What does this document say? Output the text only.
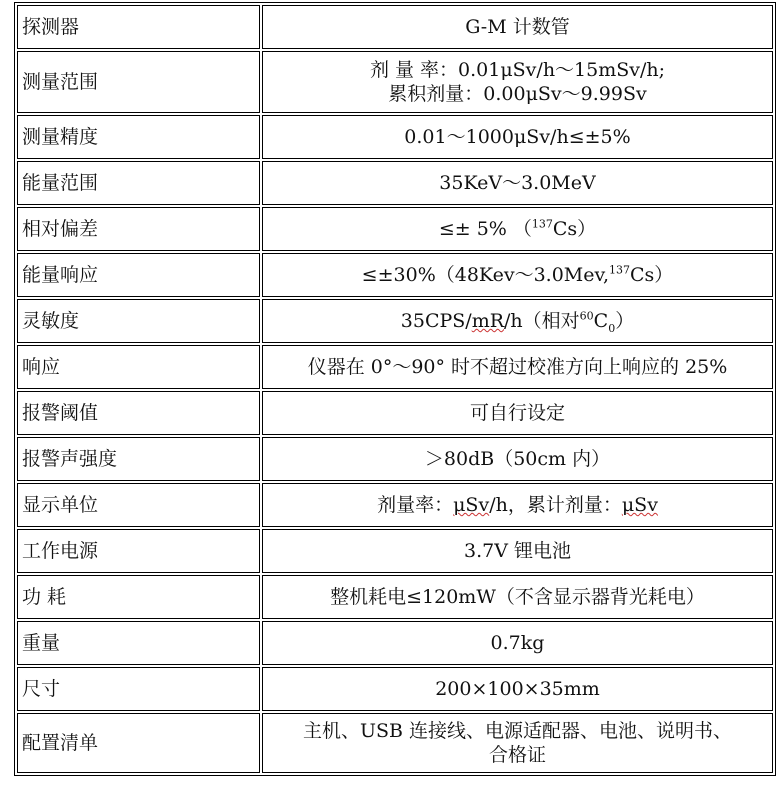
探测器	G-M 计数管
测量范围	剂 量 率：0.01μSv/h～15mSv/h;
累积剂量：0.00μSv～9.99Sv

测量精度	0.01～1000μSv/h≤±5%
能量范围	35KeV～3.0MeV
相对偏差	≤± 5% （$^{137}$Cs）
能量响应	≤±30%（48Kev～3.0Mev,$^{137}$Cs）
灵敏度	35CPS/mR/h（相对$^{60}C_0$）
响应	仪器在 0°～90° 时不超过校准方向上响应的 25%
报警阈值	可自行设定
报警声强度	＞80dB（50cm 内）
显示单位	剂量率：μSv/h，累计剂量：μSv
工作电源	3.7V 锂电池
功 耗	整机耗电≤120mW（不含显示器背光耗电）
重量	0.7kg
尺寸	200×100×35mm
配置清单	主机、USB 连接线、电源适配器、电池、说明书、
合格证
